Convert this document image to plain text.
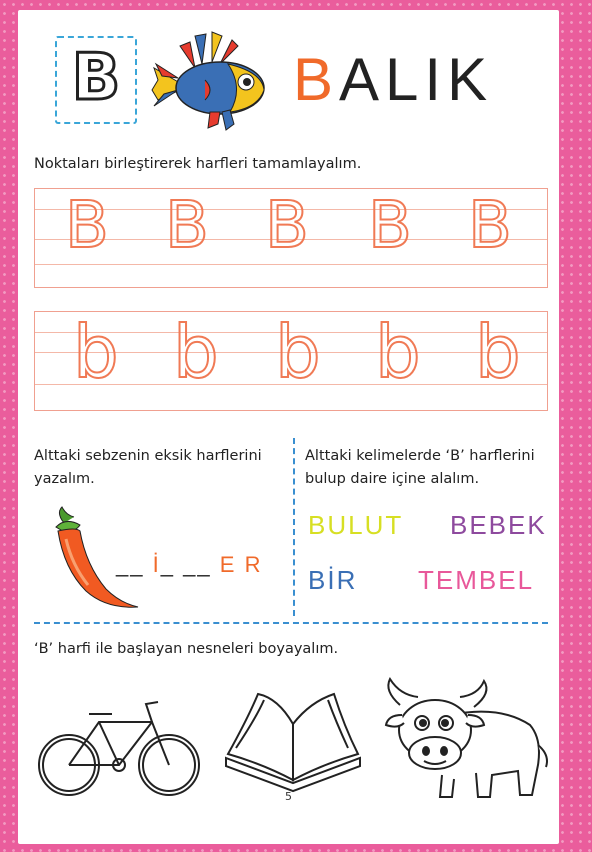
B	BALIK
Noktaları birleştirerek harfleri tamamlayalım.
B B B B B
b b b b b
Alttaki sebzenin eksik harflerini
yazalım.
__ İ_ __ E R
Alttaki kelimelerde ‘B’ harflerini
bulup daire içine alalım.
BULUT BEBEK
BİR TEMBEL
‘B’ harfi ile başlayan nesneleri boyayalım.
5
